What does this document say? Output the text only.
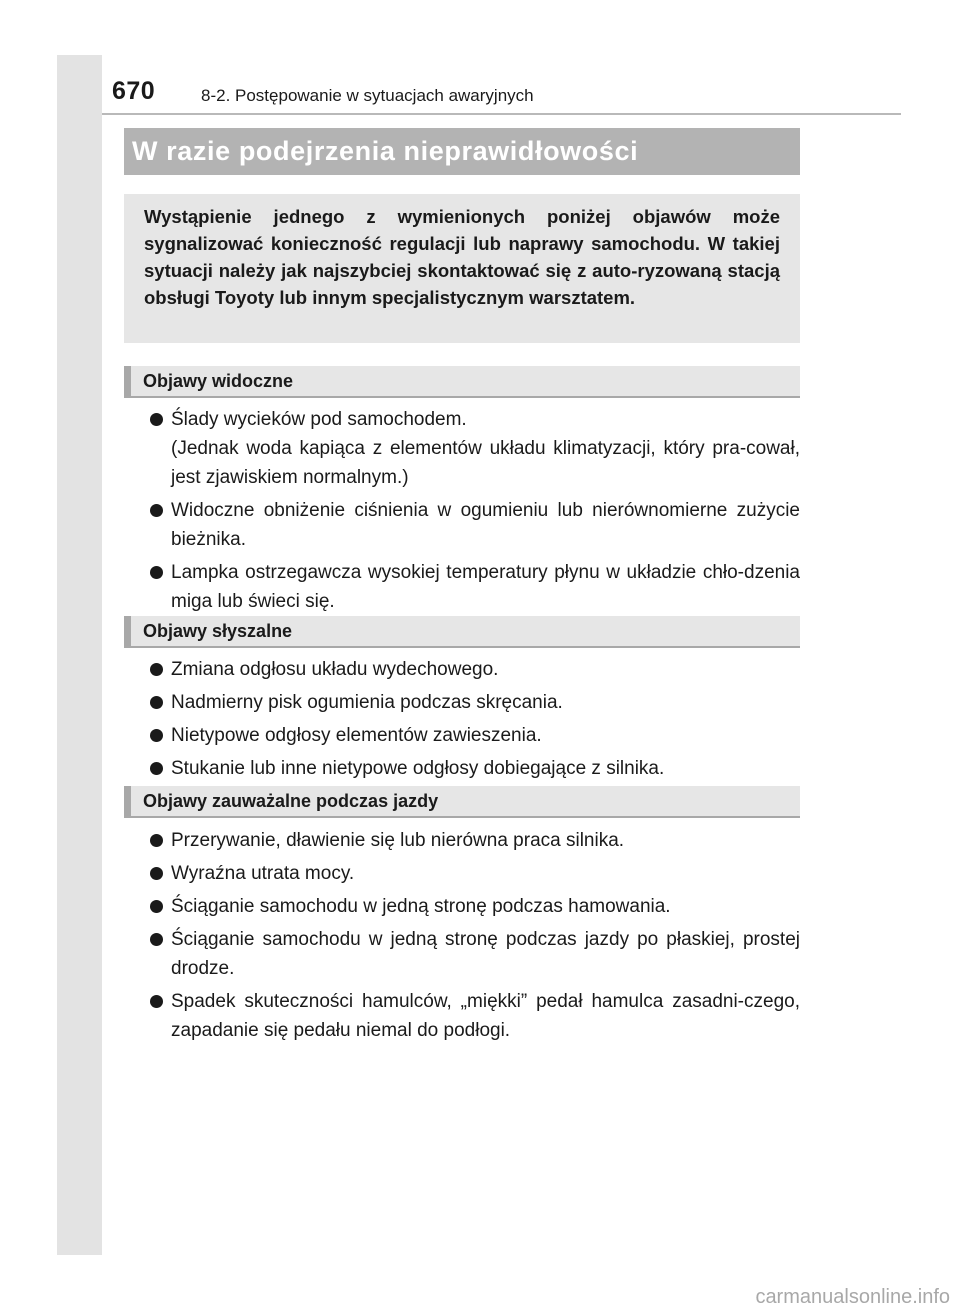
670	8-2. Postępowanie w sytuacjach awaryjnych
W razie podejrzenia nieprawidłowości

Wystąpienie jednego z wymienionych poniżej objawów może sygnalizować konieczność regulacji lub naprawy samochodu. W takiej sytuacji należy jak najszybciej skontaktować się z auto-ryzowaną stacją obsługi Toyoty lub innym specjalistycznym warsztatem.

Objawy widoczne
Ślady wycieków pod samochodem.
(Jednak woda kapiąca z elementów układu klimatyzacji, który pra-cował, jest zjawiskiem normalnym.)
Widoczne obniżenie ciśnienia w ogumieniu lub nierównomierne zużycie bieżnika.
Lampka ostrzegawcza wysokiej temperatury płynu w układzie chło-dzenia miga lub świeci się.
Objawy słyszalne
Zmiana odgłosu układu wydechowego.
Nadmierny pisk ogumienia podczas skręcania.
Nietypowe odgłosy elementów zawieszenia.
Stukanie lub inne nietypowe odgłosy dobiegające z silnika.
Objawy zauważalne podczas jazdy
Przerywanie, dławienie się lub nierówna praca silnika.
Wyraźna utrata mocy.
Ściąganie samochodu w jedną stronę podczas hamowania.
Ściąganie samochodu w jedną stronę podczas jazdy po płaskiej, prostej drodze.
Spadek skuteczności hamulców, „miękki” pedał hamulca zasadni-czego, zapadanie się pedału niemal do podłogi.
carmanualsonline.info
